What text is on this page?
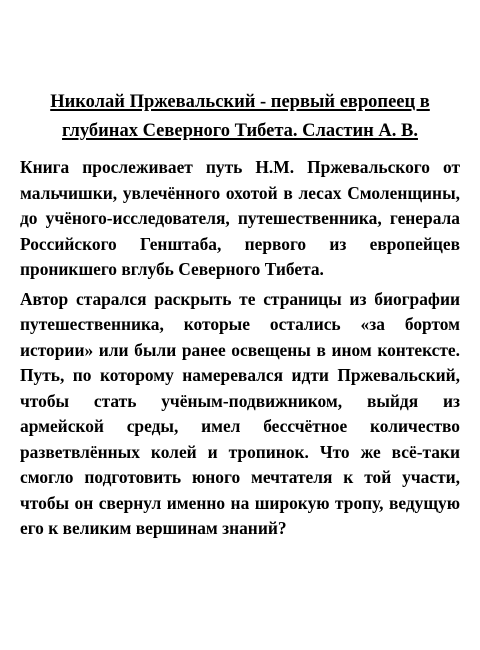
Николай Пржевальский - первый европеец в глубинах Северного Тибета. Сластин А. В.

Книга прослеживает путь Н.М. Пржевальского от мальчишки, увлечённого охотой в лесах Смоленщины, до учёного-исследователя, путешественника, генерала Российского Генштаба, первого из европейцев проникшего вглубь Северного Тибета.

Автор старался раскрыть те страницы из биографии путешественника, которые остались «за бортом истории» или были ранее освещены в ином контексте. Путь, по которому намеревался идти Пржевальский, чтобы стать учёным-подвижником, выйдя из армейской среды, имел бессчётное количество разветвлённых колей и тропинок. Что же всё-таки смогло подготовить юного мечтателя к той участи, чтобы он свернул именно на широкую тропу, ведущую его к великим вершинам знаний?
